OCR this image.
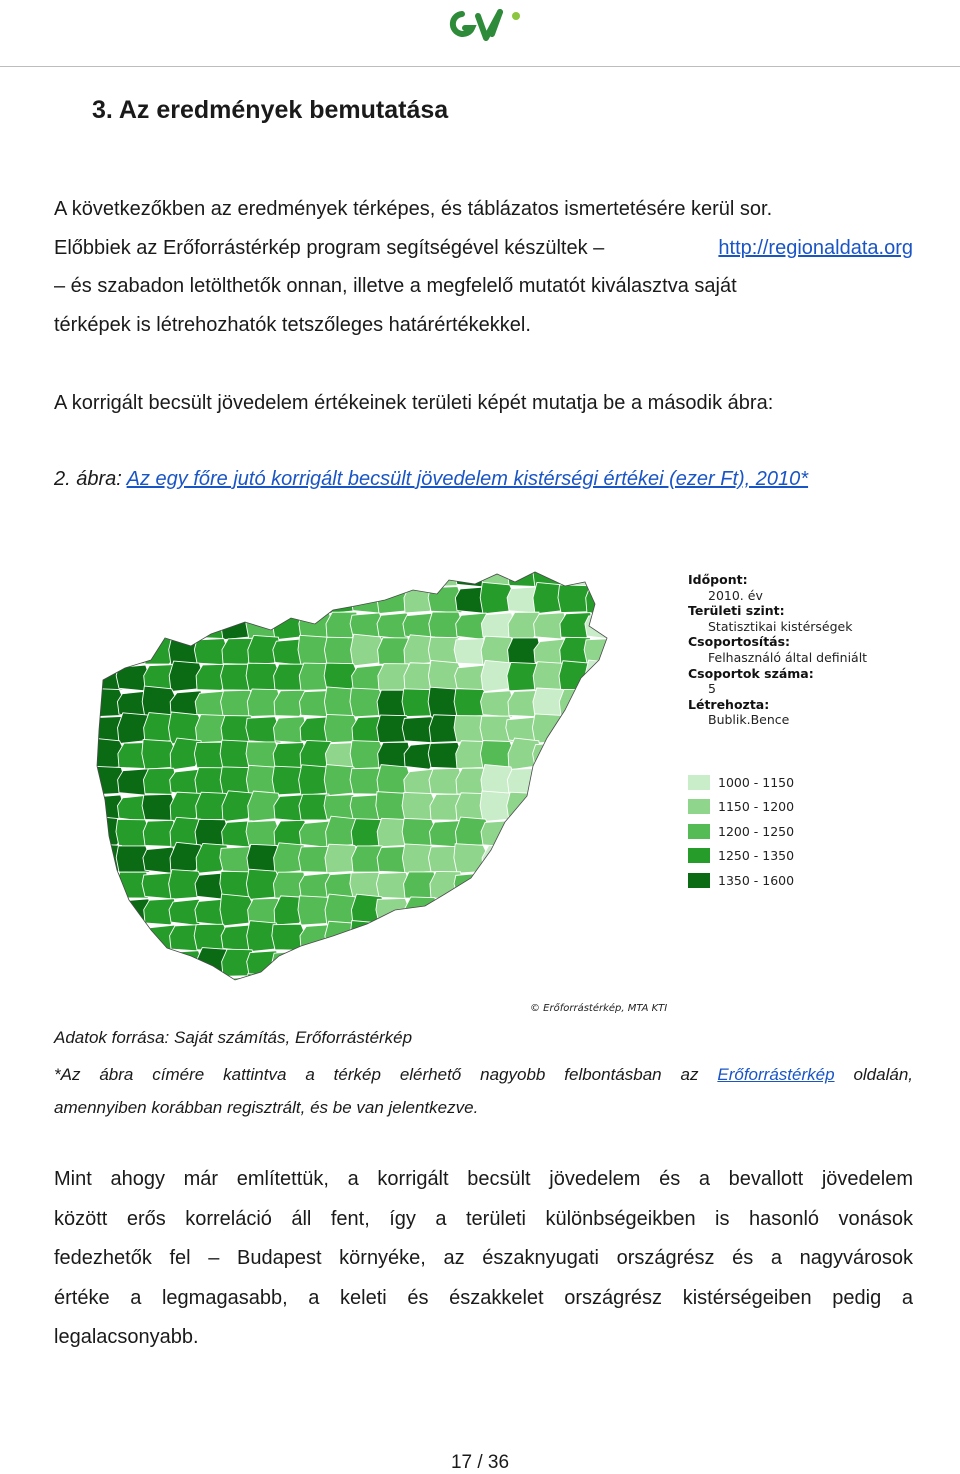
3. Az eredmények bemutatása

A következőkben az eredmények térképes, és táblázatos ismertetésére kerül sor.
Előbbiek az Erőforrástérkép program segítségével készültek –	http://regionaldata.org
– és szabadon letölthetők onnan, illetve a megfelelő mutatót kiválasztva saját
térképek is létrehozhatók tetszőleges határértékekkel.

A korrigált becsült jövedelem értékeinek területi képét mutatja be a második ábra:

2. ábra: Az egy főre jutó korrigált becsült jövedelem kistérségi értékei (ezer Ft), 2010*

Időpont:
2010. év
Területi szint:
Statisztikai kistérségek
Csoportosítás:
Felhasználó által definiált
Csoportok száma:
5
Létrehozta:
Bublik.Bence
1000 - 1150
1150 - 1200
1200 - 1250
1250 - 1350
1350 - 1600
© Erőforrástérkép, MTA KTI

Adatok forrása: Saját számítás, Erőforrástérkép

*Az ábra címére kattintva a térkép elérhető nagyobb felbontásban az Erőforrástérkép oldalán,
amennyiben korábban regisztrált, és be van jelentkezve.

Mint ahogy már említettük, a korrigált becsült jövedelem és a bevallott jövedelem
között erős korreláció áll fent, így a területi különbségeikben is hasonló vonások
fedezhetők fel – Budapest környéke, az északnyugati országrész és a nagyvárosok
értéke a legmagasabb, a keleti és északkelet országrész kistérségeiben pedig a
legalacsonyabb.

17 / 36
